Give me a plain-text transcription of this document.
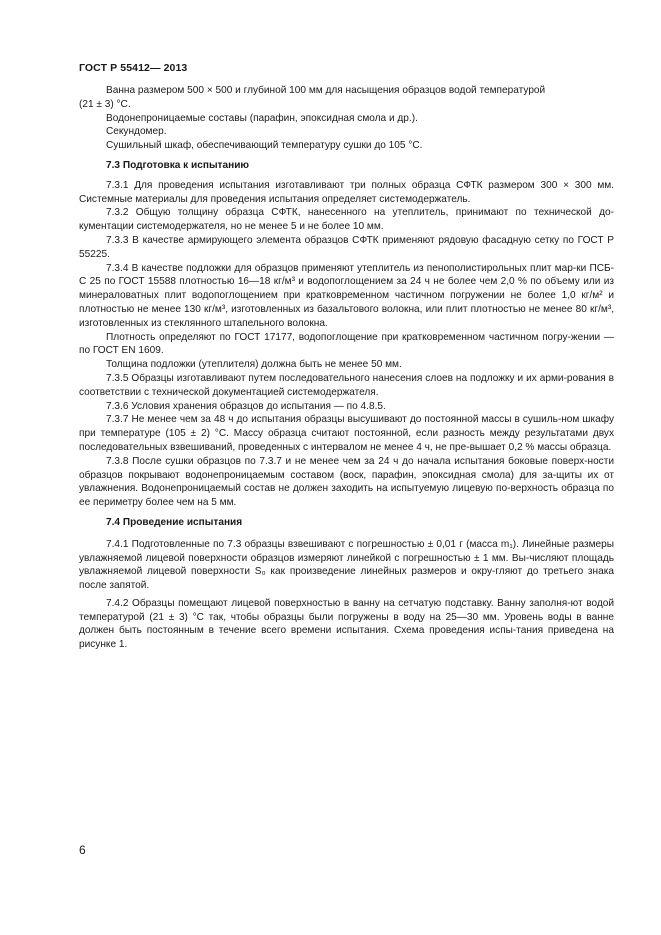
ГОСТ Р 55412— 2013

Ванна размером 500 × 500 и глубиной 100 мм для насыщения образцов водой температурой

(21 ± 3) °С.

Водонепроницаемые составы (парафин, эпоксидная смола и др.).

Секундомер.

Сушильный шкаф, обеспечивающий температуру сушки до 105 °С.

7.3 Подготовка к испытанию

7.3.1 Для проведения испытания изготавливают три полных образца СФТК размером 300 × 300 мм. Системные материалы для проведения испытания определяет системодержатель.

7.3.2 Общую толщину образца СФТК, нанесенного на утеплитель, принимают по технической до-кументации системодержателя, но не менее 5 и не более 10 мм.

7.3.3 В качестве армирующего элемента образцов СФТК применяют рядовую фасадную сетку по ГОСТ Р 55225.

7.3.4 В качестве подложки для образцов применяют утеплитель из пенополистирольных плит мар-ки ПСБ-С 25 по ГОСТ 15588 плотностью 16—18 кг/м³ и водопоглощением за 24 ч не более чем 2,0 % по объему или из минераловатных плит водопоглощением при кратковременном частичном погружении не более 1,0 кг/м² и плотностью не менее 130 кг/м³, изготовленных из базальтового волокна, или плит плотностью не менее 80 кг/м³, изготовленных из стеклянного штапельного волокна.

Плотность определяют по ГОСТ 17177, водопоглощение при кратковременном частичном погру-жении — по ГОСТ EN 1609.

Толщина подложки (утеплителя) должна быть не менее 50 мм.

7.3.5 Образцы изготавливают путем последовательного нанесения слоев на подложку и их арми-рования в соответствии с технической документацией системодержателя.

7.3.6 Условия хранения образцов до испытания — по 4.8.5.

7.3.7 Не менее чем за 48 ч до испытания образцы высушивают до постоянной массы в сушиль-ном шкафу при температуре (105 ± 2) °С. Массу образца считают постоянной, если разность между результатами двух последовательных взвешиваний, проведенных с интервалом не менее 4 ч, не пре-вышает 0,2 % массы образца.

7.3.8 После сушки образцов по 7.3.7 и не менее чем за 24 ч до начала испытания боковые поверх-ности образцов покрывают водонепроницаемым составом (воск, парафин, эпоксидная смола) для за-щиты их от увлажнения. Водонепроницаемый состав не должен заходить на испытуемую лицевую по-верхность образца по ее периметру более чем на 5 мм.

7.4 Проведение испытания

7.4.1 Подготовленные по 7.3 образцы взвешивают с погрешностью ± 0,01 г (масса m₁). Линейные размеры увлажняемой лицевой поверхности образцов измеряют линейкой с погрешностью ± 1 мм. Вы-числяют площадь увлажняемой лицевой поверхности S₀ как произведение линейных размеров и окру-гляют до третьего знака после запятой.

7.4.2 Образцы помещают лицевой поверхностью в ванну на сетчатую подставку. Ванну заполня-ют водой температурой (21 ± 3) °С так, чтобы образцы были погружены в воду на 25—30 мм. Уровень воды в ванне должен быть постоянным в течение всего времени испытания. Схема проведения испы-тания приведена на рисунке 1.

6
